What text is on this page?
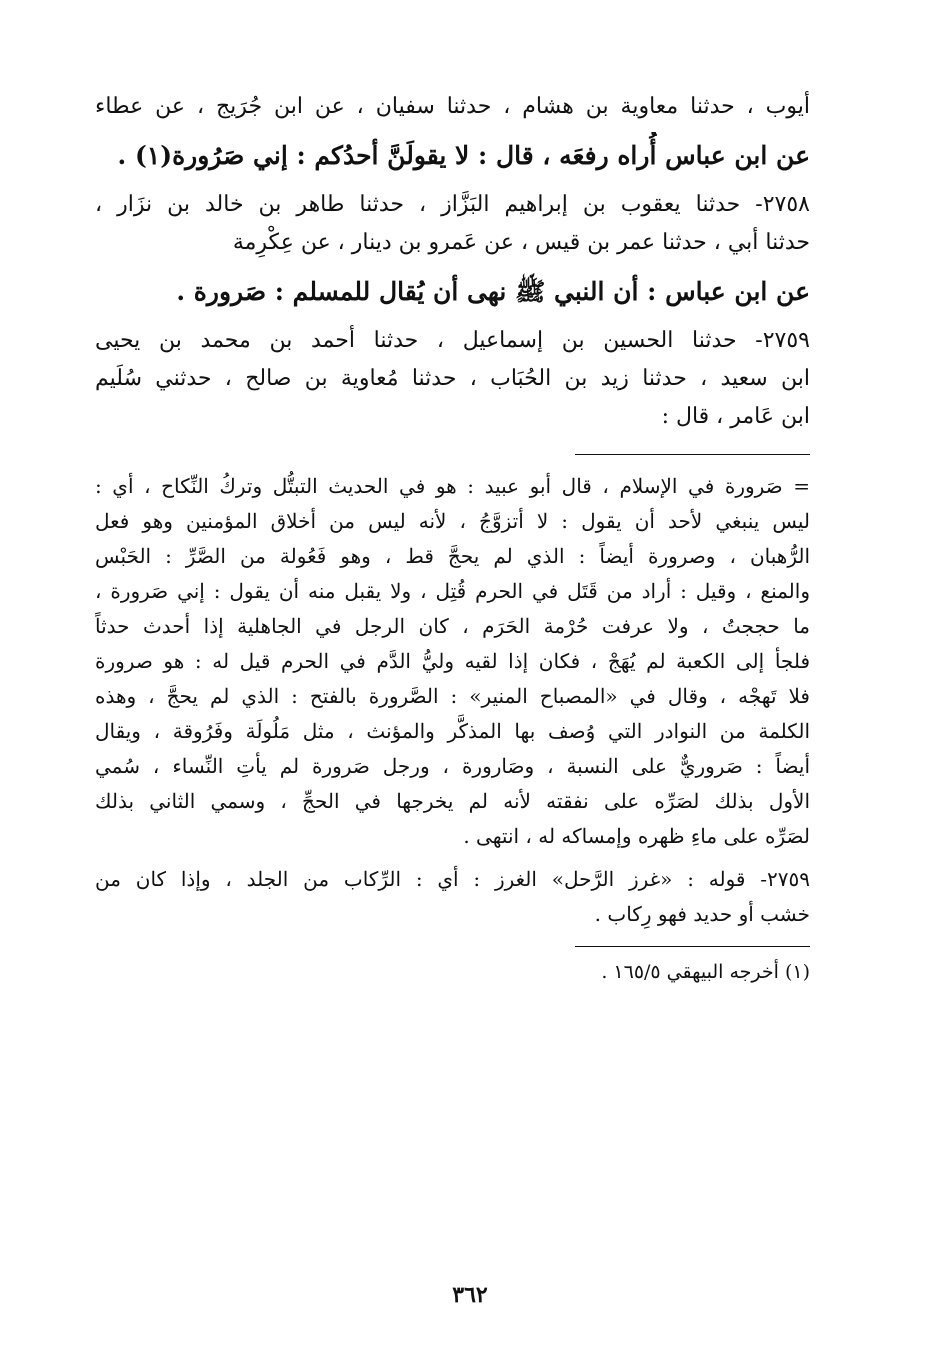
أيوب ، حدثنا معاوية بن هشام ، حدثنا سفيان ، عن ابن جُرَيج ، عن عطاء
عن ابن عباس أُراه رفعَه ، قال : لا يقولَنَّ أحدُكم : إني صَرُورة(١) .
٢٧٥٨- حدثنا يعقوب بن إبراهيم البَزَّاز ، حدثنا طاهر بن خالد بن نزَار ،
حدثنا أبي ، حدثنا عمر بن قيس ، عن عَمرو بن دينار ، عن عِكْرِمة
عن ابن عباس : أن النبي ﷺ نهى أن يُقال للمسلم : صَرورة .
٢٧٥٩- حدثنا الحسين بن إسماعيل ، حدثنا أحمد بن محمد بن يحيى
ابن سعيد ، حدثنا زيد بن الحُبَاب ، حدثنا مُعاوية بن صالح ، حدثني سُلَيم
ابن عَامر ، قال :
= صَرورة في الإسلام ، قال أبو عبيد : هو في الحديث التبتُّل وتركُ النِّكاح ، أي :
ليس ينبغي لأحد أن يقول : لا أتزوَّجُ ، لأنه ليس من أخلاق المؤمنين وهو فعل
الرُّهبان ، وصرورة أيضاً : الذي لم يحجَّ قط ، وهو فَعُولة من الصَّرِّ : الحَبْس
والمنع ، وقيل : أراد من قَتَل في الحرم قُتِل ، ولا يقبل منه أن يقول : إني صَرورة ،
ما حججتُ ، ولا عرفت حُرْمة الحَرَم ، كان الرجل في الجاهلية إذا أحدث حدثاً
فلجأ إلى الكعبة لم يُهَجْ ، فكان إذا لقيه وليُّ الدَّم في الحرم قيل له : هو صرورة
فلا تَهجْه ، وقال في «المصباح المنير» : الصَّرورة بالفتح : الذي لم يحجَّ ، وهذه
الكلمة من النوادر التي وُصف بها المذكَّر والمؤنث ، مثل مَلُولَة وفَرُوقة ، ويقال
أيضاً : صَروريٌّ على النسبة ، وصَارورة ، ورجل صَرورة لم يأتِ النِّساء ، سُمي
الأول بذلك لصَرِّه على نفقته لأنه لم يخرجها في الحجِّ ، وسمي الثاني بذلك
لصَرِّه على ماءِ ظهره وإمساكه له ، انتهى .
٢٧٥٩- قوله : «غرز الرَّحل» الغرز : أي : الرِّكاب من الجلد ، وإذا كان من
خشب أو حديد فهو رِكاب .
(١) أخرجه البيهقي ١٦٥/٥ .
٣٦٢
